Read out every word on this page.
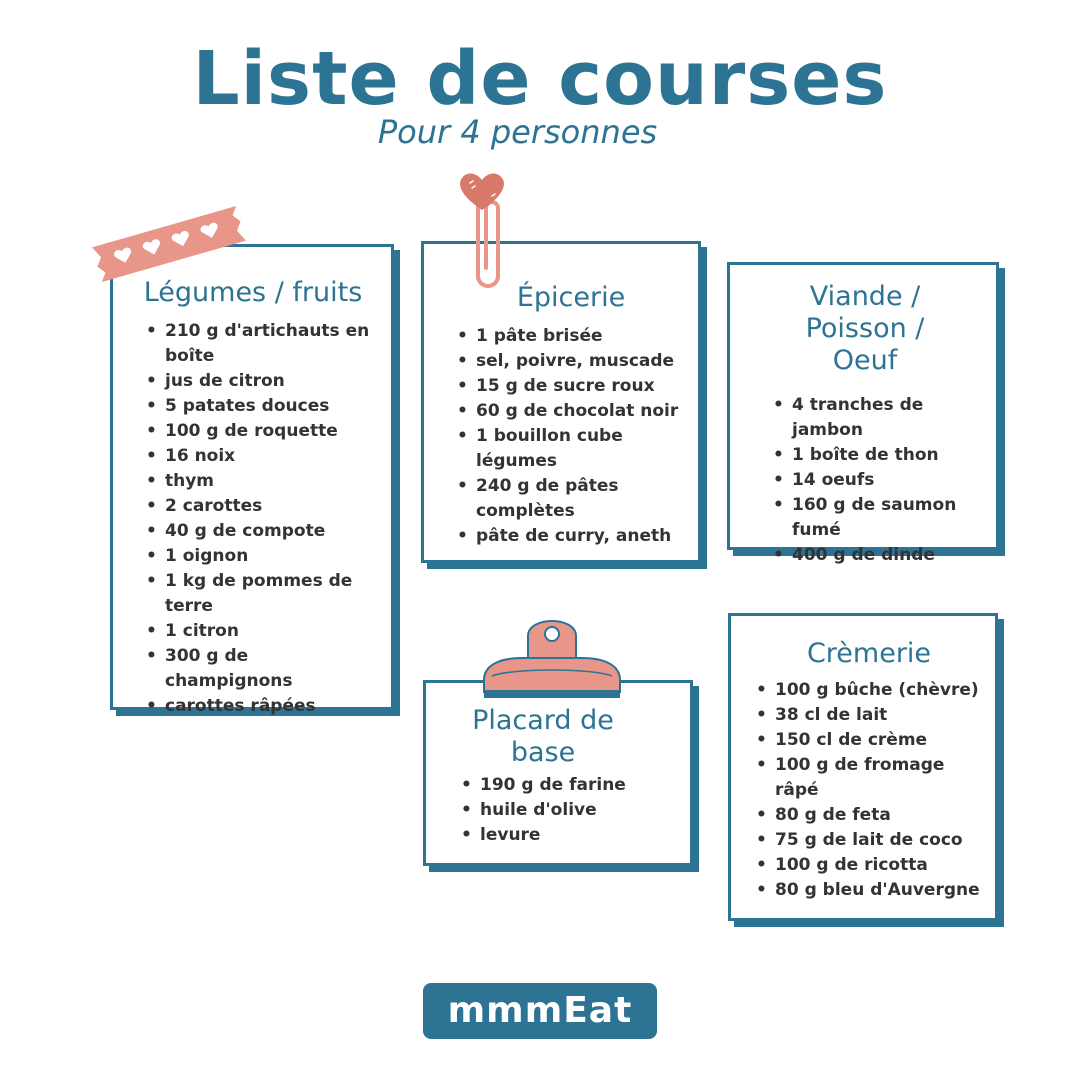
Liste de courses

Pour 4 personnes

Légumes / fruits
• 210 g d'artichauts en boîte
• jus de citron
• 5 patates douces
• 100 g de roquette
• 16 noix
• thym
• 2 carottes
• 40 g de compote
• 1 oignon
• 1 kg de pommes de terre
• 1 citron
• 300 g de champignons
• carottes râpées
Épicerie
• 1 pâte brisée
• sel, poivre, muscade
• 15 g de sucre roux
• 60 g de chocolat noir
• 1 bouillon cube légumes
• 240 g de pâtes complètes
• pâte de curry, aneth
Viande / Poisson / Oeuf
• 4 tranches de jambon
• 1 boîte de thon
• 14 oeufs
• 160 g de saumon fumé
• 400 g de dinde
Placard de base
• 190 g de farine
• huile d'olive
• levure
Crèmerie
• 100 g bûche (chèvre)
• 38 cl de lait
• 150 cl de crème
• 100 g de fromage râpé
• 80 g de feta
• 75 g de lait de coco
• 100 g de ricotta
• 80 g bleu d'Auvergne
mmmEat
